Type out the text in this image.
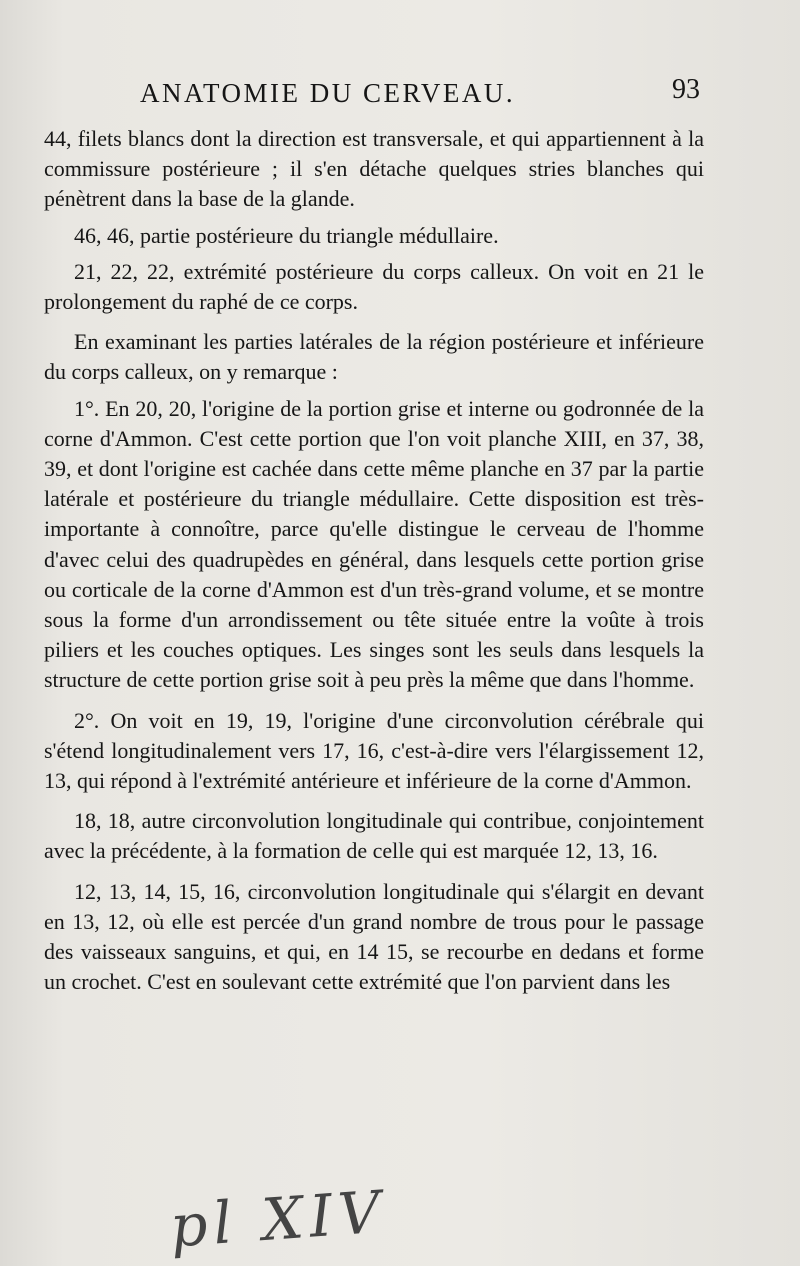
ANATOMIE DU CERVEAU.	93

44, filets blancs dont la direction est transversale, et qui appartiennent à la commissure postérieure ; il s'en détache quelques stries blanches qui pénètrent dans la base de la glande.

46, 46, partie postérieure du triangle médullaire.

21, 22, 22, extrémité postérieure du corps calleux. On voit en 21 le prolongement du raphé de ce corps.

En examinant les parties latérales de la région postérieure et inférieure du corps calleux, on y remarque :

1°. En 20, 20, l'origine de la portion grise et interne ou godronnée de la corne d'Ammon. C'est cette portion que l'on voit planche XIII, en 37, 38, 39, et dont l'origine est cachée dans cette même planche en 37 par la partie latérale et postérieure du triangle médullaire. Cette disposition est très-importante à connoître, parce qu'elle distingue le cerveau de l'homme d'avec celui des quadrupèdes en général, dans lesquels cette portion grise ou corticale de la corne d'Ammon est d'un très-grand volume, et se montre sous la forme d'un arrondissement ou tête située entre la voûte à trois piliers et les couches optiques. Les singes sont les seuls dans lesquels la structure de cette portion grise soit à peu près la même que dans l'homme.

2°. On voit en 19, 19, l'origine d'une circonvolution cérébrale qui s'étend longitudinalement vers 17, 16, c'est-à-dire vers l'élargissement 12, 13, qui répond à l'extrémité antérieure et inférieure de la corne d'Ammon.

18, 18, autre circonvolution longitudinale qui contribue, conjointement avec la précédente, à la formation de celle qui est marquée 12, 13, 16.

12, 13, 14, 15, 16, circonvolution longitudinale qui s'élargit en devant en 13, 12, où elle est percée d'un grand nombre de trous pour le passage des vaisseaux sanguins, et qui, en 14 15, se recourbe en dedans et forme un crochet. C'est en soulevant cette extrémité que l'on parvient dans les

pl XIV
